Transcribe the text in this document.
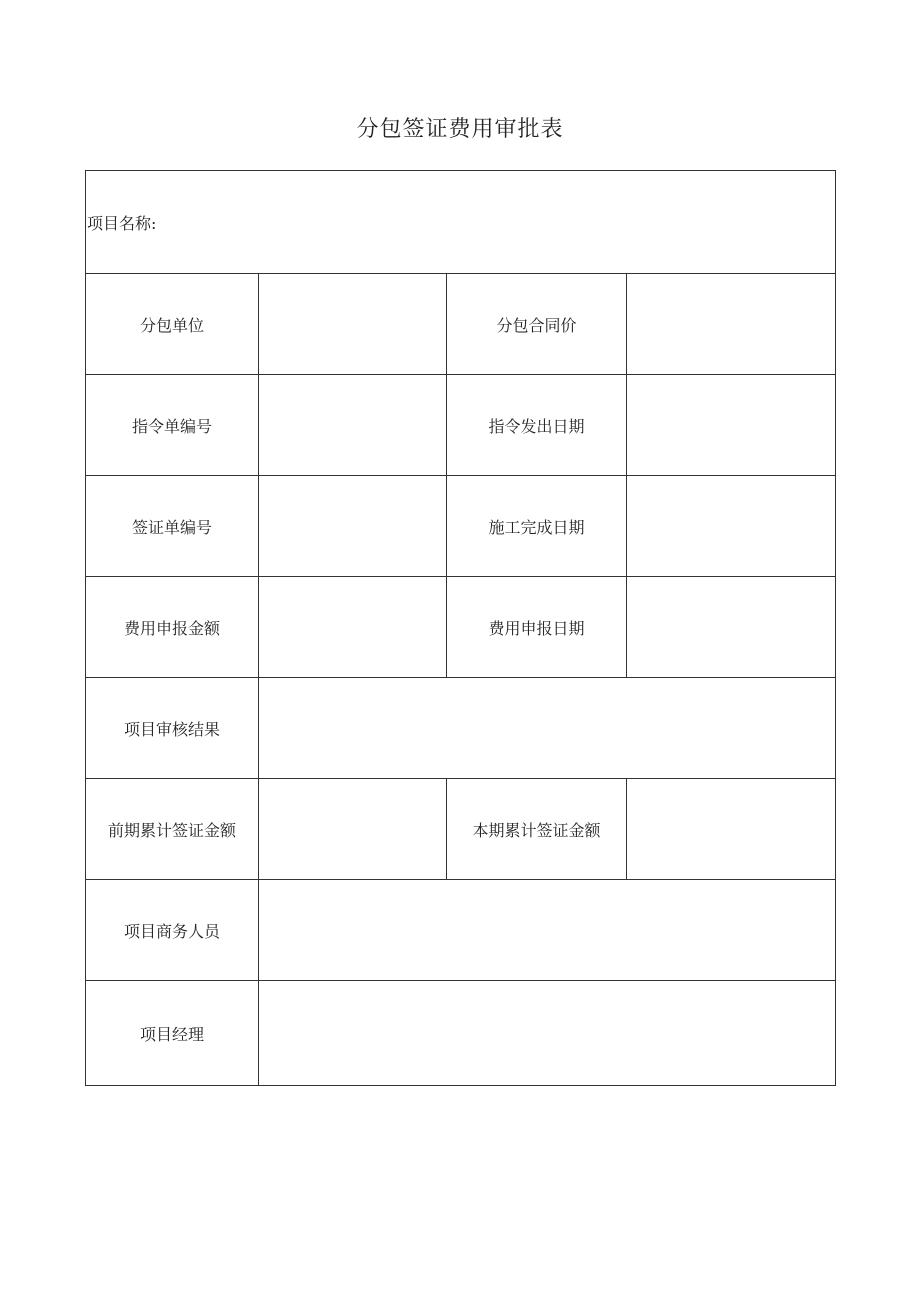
分包签证费用审批表
项目名称:			
分包单位		分包合同价	
指令单编号		指令发出日期	
签证单编号		施工完成日期	
费用申报金额		费用申报日期	
项目审核结果			
前期累计签证金额		本期累计签证金额	
项目商务人员			
项目经理			
